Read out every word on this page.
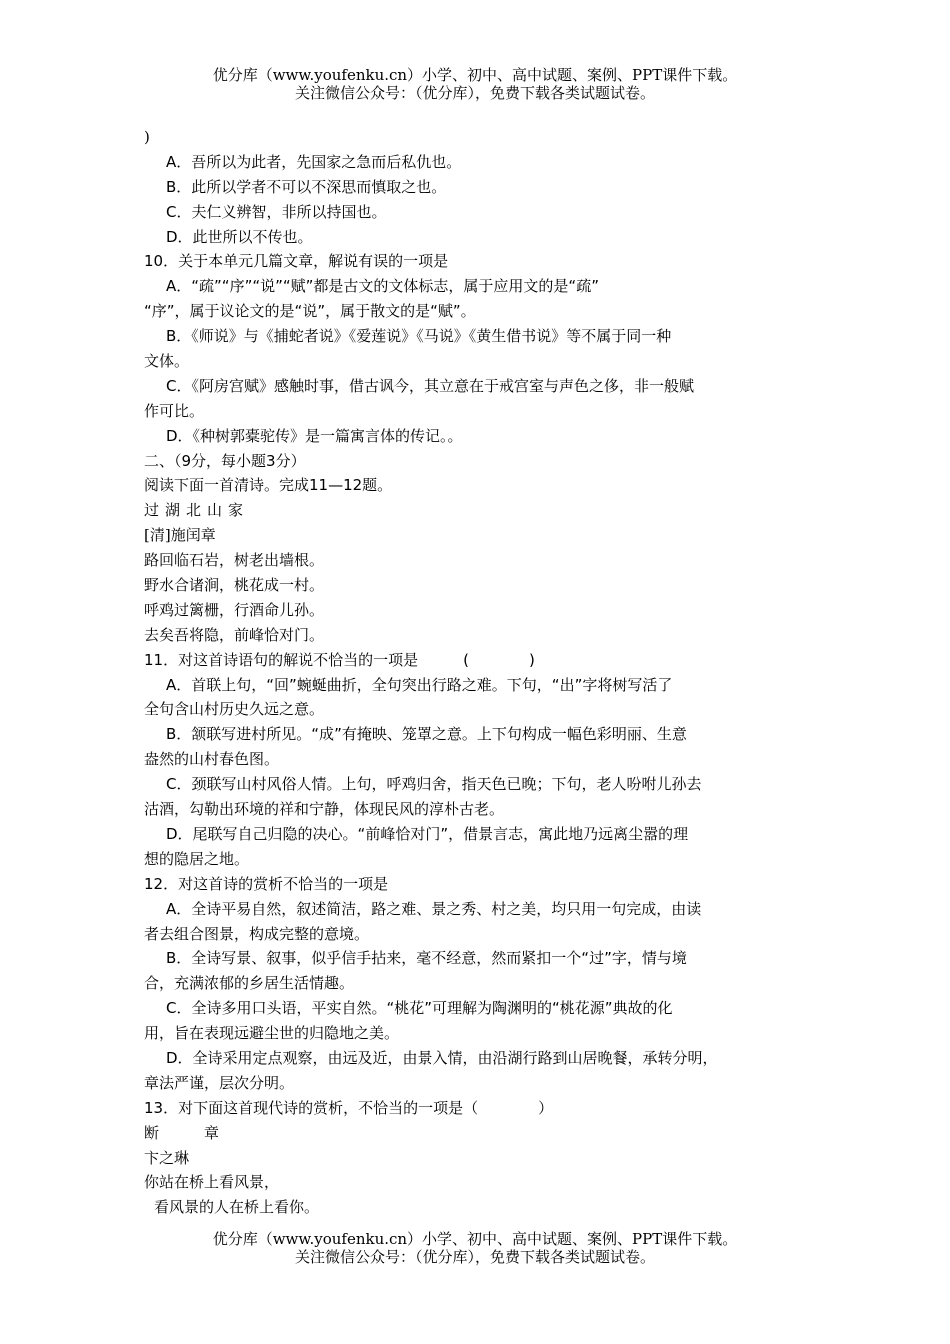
优分库（www.youfenku.cn）小学、初中、高中试题、案例、PPT课件下载。
关注微信公众号：（优分库），免费下载各类试题试卷。
)
A．吾所以为此者，先国家之急而后私仇也。
B．此所以学者不可以不深思而慎取之也。
C．夫仁义辨智，非所以持国也。
D．此世所以不传也。
10．关于本单元几篇文章，解说有误的一项是
A．“疏”“序”“说”“赋”都是古文的文体标志，属于应用文的是“疏”
“序”，属于议论文的是“说”，属于散文的是“赋”。
B．《师说》与《捕蛇者说》《爱莲说》《马说》《黄生借书说》等不属于同一种
文体。
C．《阿房宫赋》感触时事，借古讽今，其立意在于戒宫室与声色之侈，非一般赋
作可比。
D．《种树郭橐驼传》是一篇寓言体的传记。。
二、（9分，每小题3分）
阅读下面一首清诗。完成11—12题。
过湖北山家
[清]施闰章
路回临石岩，树老出墙根。
野水合诸涧，桃花成一村。
呼鸡过篱栅，行酒命儿孙。
去矣吾将隐，前峰恰对门。
11．对这首诗语句的解说不恰当的一项是　　　(　　　　)
A．首联上句，“回”蜿蜒曲折，全句突出行路之难。下句，“出”字将树写活了
全句含山村历史久远之意。
B．颔联写进村所见。“成”有掩映、笼罩之意。上下句构成一幅色彩明丽、生意
盎然的山村春色图。
C．颈联写山村风俗人情。上句，呼鸡归舍，指天色已晚；下句，老人吩咐儿孙去
沽酒，勾勒出环境的祥和宁静，体现民风的淳朴古老。
D．尾联写自己归隐的决心。“前峰恰对门”，借景言志，寓此地乃远离尘嚣的理
想的隐居之地。
12．对这首诗的赏析不恰当的一项是
A．全诗平易自然，叙述简洁，路之难、景之秀、村之美，均只用一句完成，由读
者去组合图景，构成完整的意境。
B．全诗写景、叙事，似乎信手拈来，毫不经意，然而紧扣一个“过”字，情与境
合，充满浓郁的乡居生活情趣。
C．全诗多用口头语，平实自然。“桃花”可理解为陶渊明的“桃花源”典故的化
用，旨在表现远避尘世的归隐地之美。
D．全诗采用定点观察，由远及近，由景入情，由沿湖行路到山居晚餐，承转分明，
章法严谨，层次分明。
13．对下面这首现代诗的赏析，不恰当的一项是（　　　　）
断　　　章
卞之琳
你站在桥上看风景，
看风景的人在桥上看你。
优分库（www.youfenku.cn）小学、初中、高中试题、案例、PPT课件下载。
关注微信公众号：（优分库），免费下载各类试题试卷。
